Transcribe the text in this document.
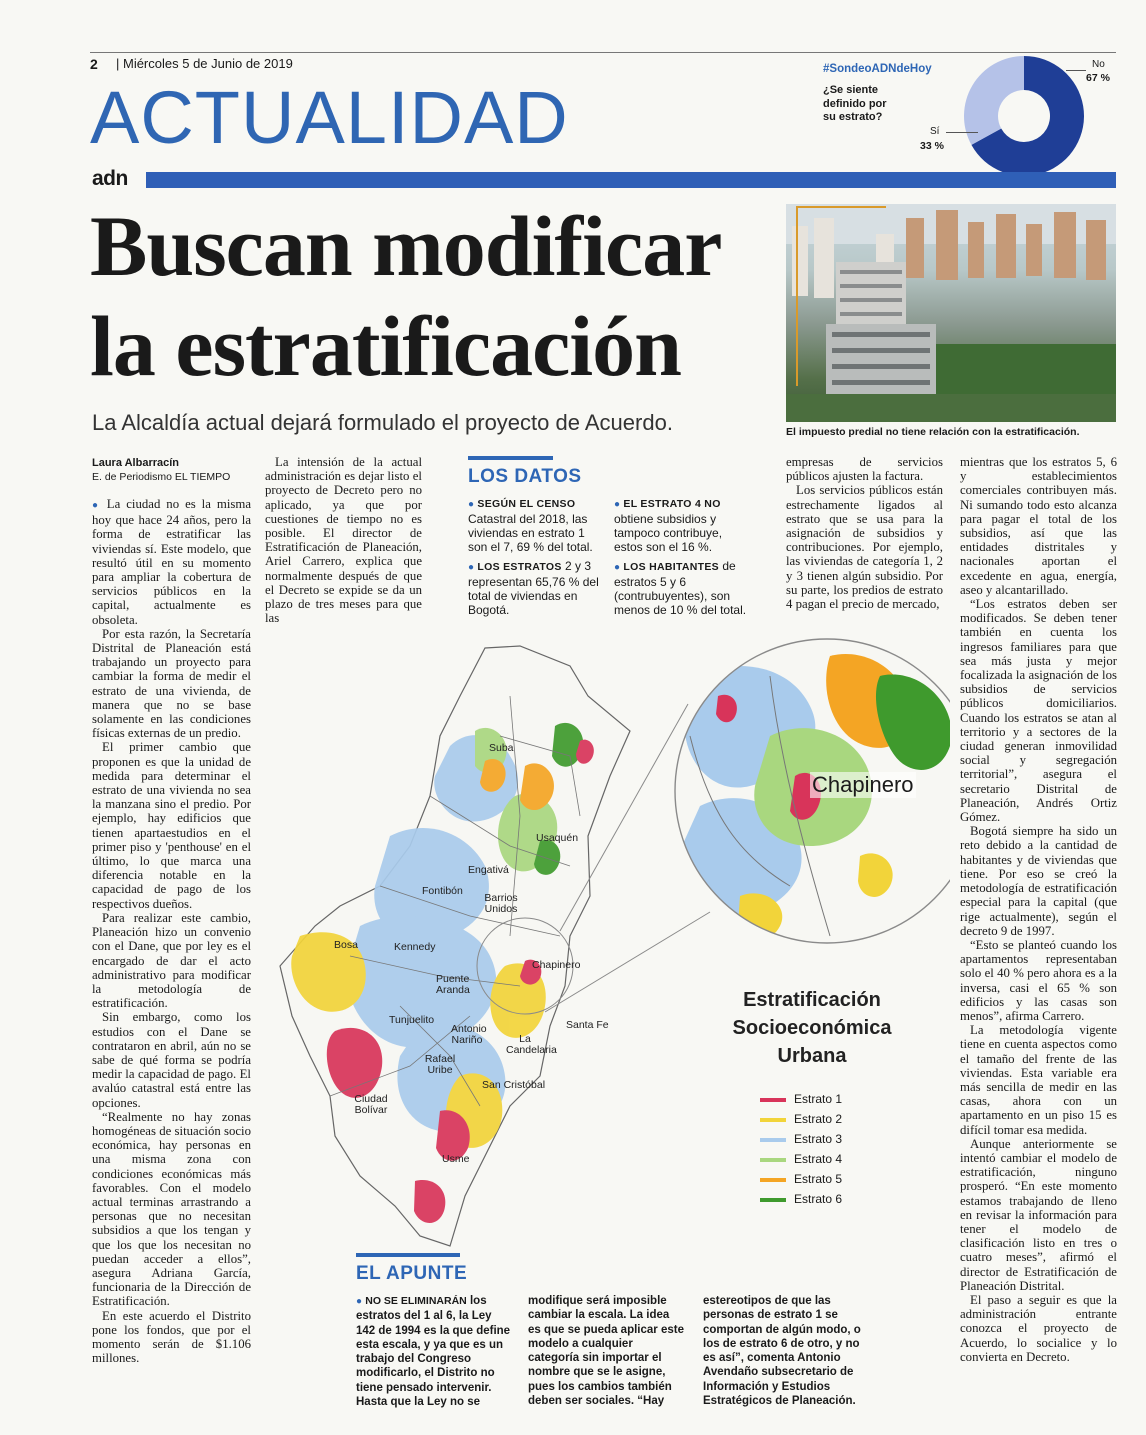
2 | Miércoles 5 de Junio de 2019
ACTUALIDAD
#SondeoADNdeHoy
¿Se siente definido por su estrato?
No
67 %
Sí
33 %
adn
Buscan modificar
la estratificación
La Alcaldía actual dejará formulado el proyecto de Acuerdo.	El impuesto predial no tiene relación con la estratificación.
Laura Albarracín
E. de Periodismo EL TIEMPO

● La ciudad no es la misma hoy que hace 24 años, pero la forma de estratificar las viviendas sí. Este modelo, que resultó útil en su momento para ampliar la cobertura de servicios públicos en la capital, actualmente es obsoleta.

Por esta razón, la Secretaría Distrital de Planeación está trabajando un proyecto para cambiar la forma de medir el estrato de una vivienda, de manera que no se base solamente en las condiciones físicas externas de un predio.

El primer cambio que proponen es que la unidad de medida para determinar el estrato de una vivienda no sea la manzana sino el predio. Por ejemplo, hay edificios que tienen apartaestudios en el primer piso y 'penthouse' en el último, lo que marca una diferencia notable en la capacidad de pago de los respectivos dueños.

Para realizar este cambio, Planeación hizo un convenio con el Dane, que por ley es el encargado de dar el acto administrativo para modificar la metodología de estratificación.

Sin embargo, como los estudios con el Dane se contrataron en abril, aún no se sabe de qué forma se podría medir la capacidad de pago. El avalúo catastral está entre las opciones.

“Realmente no hay zonas homogéneas de situación socio económica, hay personas en una misma zona con condiciones económicas más favorables. Con el modelo actual terminas arrastrando a personas que no necesitan subsidios a que los tengan y que los que los necesitan no puedan acceder a ellos”, asegura Adriana García, funcionaria de la Dirección de Estratificación.

En este acuerdo el Distrito pone los fondos, que por el momento serán de $1.106 millones.

La intensión de la actual administración es dejar listo el proyecto de Decreto pero no aplicado, ya que por cuestiones de tiempo no es posible. El director de Estratificación de Planeación, Ariel Carrero, explica que normalmente después de que el Decreto se expide se da un plazo de tres meses para que las

LOS DATOS
● SEGÚN EL CENSO Catastral del 2018, las viviendas en estrato 1 son el 7, 69 % del total.
● LOS ESTRATOS 2 y 3 representan 65,76 % del total de viviendas en Bogotá.
● EL ESTRATO 4 NO obtiene subsidios y tampoco contribuye, estos son el 16 %.
● LOS HABITANTES de estratos 5 y 6 (contrubuyentes), son menos de 10 % del total.

empresas de servicios públicos ajusten la factura.

Los servicios públicos están estrechamente ligados al estrato que se usa para la asignación de subsidios y contribuciones. Por ejemplo, las viviendas de categoría 1, 2 y 3 tienen algún subsidio. Por su parte, los predios de estrato 4 pagan el precio de mercado,

mientras que los estratos 5, 6 y establecimientos comerciales contribuyen más. Ni sumando todo esto alcanza para pagar el total de los subsidios, así que las entidades distritales y nacionales aportan el excedente en agua, energía, aseo y alcantarillado.

“Los estratos deben ser modificados. Se deben tener también en cuenta los ingresos familiares para que sea más justa y mejor focalizada la asignación de los subsidios de servicios públicos domiciliarios. Cuando los estratos se atan al territorio y a sectores de la ciudad generan inmovilidad social y segregación territorial”, asegura el secretario Distrital de Planeación, Andrés Ortiz Gómez.

Bogotá siempre ha sido un reto debido a la cantidad de habitantes y de viviendas que tiene. Por eso se creó la metodología de estratificación especial para la capital (que rige actualmente), según el decreto 9 de 1997.

“Esto se planteó cuando los apartamentos representaban solo el 40 % pero ahora es a la inversa, casi el 65 % son edificios y las casas son menos”, afirma Carrero.

La metodología vigente tiene en cuenta aspectos como el tamaño del frente de las viviendas. Esta variable era más sencilla de medir en las casas, ahora con un apartamento en un piso 15 es difícil tomar esa medida.

Aunque anteriormente se intentó cambiar el modelo de estratificación, ninguno prosperó. “En este momento estamos trabajando de lleno en revisar la información para tener el modelo de clasificación listo en tres o cuatro meses”, afirmó el director de Estratificación de Planeación Distrital.

El paso a seguir es que la administración entrante conozca el proyecto de Acuerdo, lo socialice y lo convierta en Decreto.

Suba
Usaquén
Engativá
Fontibón
Barrios Unidos
Bosa	Kennedy
Chapinero
Puente Aranda
Tunjuelito
Antonio Nariño	La Candelaria
Santa Fe
Rafael Uribe
San Cristóbal
Ciudad Bolívar
Usme
Chapinero
Estratificación
Socioeconómica
Urbana
Estrato 1
Estrato 2
Estrato 3
Estrato 4
Estrato 5
Estrato 6
EL APUNTE
● NO SE ELIMINARÁN los estratos del 1 al 6, la Ley 142 de 1994 es la que define esta escala, y ya que es un trabajo del Congreso modificarlo, el Distrito no tiene pensado intervenir. Hasta que la Ley no se
modifique será imposible cambiar la escala. La idea es que se pueda aplicar este modelo a cualquier categoría sin importar el nombre que se le asigne, pues los cambios también deben ser sociales. “Hay
estereotipos de que las personas de estrato 1 se comportan de algún modo, o los de estrato 6 de otro, y no es así”, comenta Antonio Avendaño subsecretario de Información y Estudios Estratégicos de Planeación.
